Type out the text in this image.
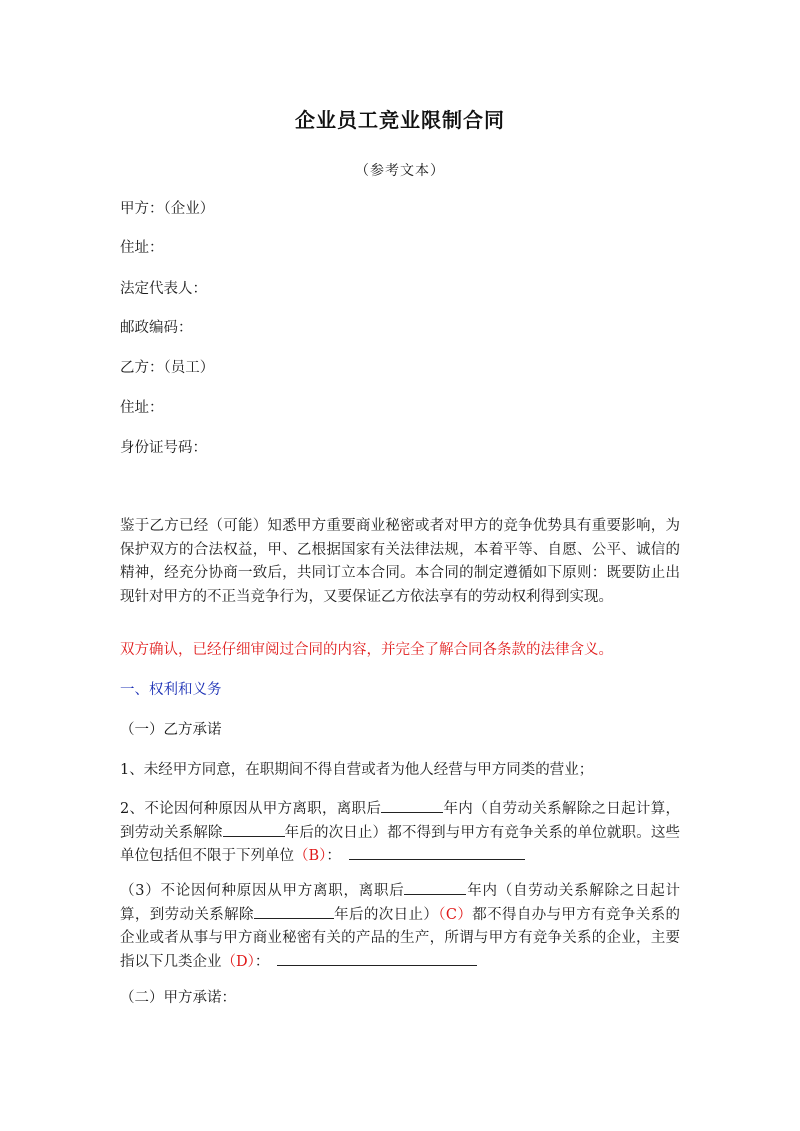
企业员工竞业限制合同
（参考文本）
甲方：（企业）
住址：
法定代表人：
邮政编码：
乙方：（员工）
住址：
身份证号码：
鉴于乙方已经（可能）知悉甲方重要商业秘密或者对甲方的竞争优势具有重要影响，为保护双方的合法权益，甲、乙根据国家有关法律法规，本着平等、自愿、公平、诚信的精神，经充分协商一致后，共同订立本合同。本合同的制定遵循如下原则：既要防止出现针对甲方的不正当竞争行为，又要保证乙方依法享有的劳动权利得到实现。
双方确认，已经仔细审阅过合同的内容，并完全了解合同各条款的法律含义。
一、权利和义务
（一）乙方承诺
1、未经甲方同意，在职期间不得自营或者为他人经营与甲方同类的营业；
2、不论因何种原因从甲方离职，离职后	年内（自劳动关系解除之日起计算，到劳动关系解除	年后的次日止）都不得到与甲方有竞争关系的单位就职。这些单位包括但不限于下列单位（B）：
（3）不论因何种原因从甲方离职，离职后	年内（自劳动关系解除之日起计算，到劳动关系解除	年后的次日止）（C）都不得自办与甲方有竞争关系的企业或者从事与甲方商业秘密有关的产品的生产，所谓与甲方有竞争关系的企业，主要指以下几类企业（D）：
（二）甲方承诺：
